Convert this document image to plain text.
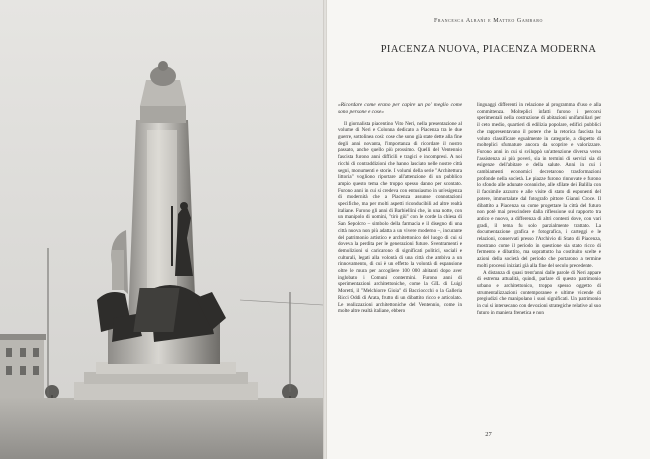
Francesca Albani e Matteo Gambaro
PIACENZA NUOVA, PIACENZA MODERNA

«Ricordare come erano per capire un po' meglio come sono persone e cose»

Il giornalista piacentino Vito Neri, nella presentazione al volume di Neri e Colonna dedicato a Piacenza tra le due guerre, sottolinea così: cose che sono già state dette alla fine degli anni novanta, l'importanza di ricordare il nostro passato, anche quello più prossimo. Quelli del Ventennio fascista furono anni difficili e tragici e incompresi. A noi ricchi di contraddizioni che hanno lasciato nelle nostre città segni, monumenti e storie. I volumi della serie "Architettura littoria" vogliono riportare all'attenzione di un pubblico ampio questo tema che troppo spesso danno per scontato. Furono anni in cui si credeva con entusiasmo in un'esigenza di modernità che a Piacenza assunse connotazioni specifiche, ma per molti aspetti riconducibili ad altre realtà italiane. Furono gli anni di Barbiellini che, in una notte, con un manipolo di uomini, "tirò giù" con le corde la chiesa di San Sepolcro – simbolo della farmacia e il disegno di una città nuova non più adatta a un vivere moderno –, incurante del patrimonio artistico e architettonico del luogo di cui si doveva la perdita per le generazioni future. Sventramenti e demolizioni si caricarono di significati politici, sociali e culturali, legati alla volontà di una città che ambiva a un rinnovamento, di cui è un effetto la volontà di espansione oltre le mura per accogliere 100 000 abitanti dopo aver inglobato i Comuni contermini. Furono anni di sperimentazioni architettoniche, come la GIL di Luigi Moretti, il "Melchiorre Gioia" di Baccioccchi o la Galleria Ricci Oddi di Arata, frutto di un dibattito ricco e articolato. Le realizzazioni architettoniche del Ventennio, come in molte altre realtà italiane, ebbero

linguaggi differenti in relazione al programma d'uso e alla committenza. Molteplici infatti furono i percorsi sperimentali nella costruzione di abitazioni unifamiliari per il ceto medio, quartieri di edilizia popolare, edifici pubblici che rappresentavano il potere che la retorica fascista ha voluto classificare egualmente in categorie, a dispetto di molteplici sfumature ancora da scoprire e valorizzare. Furono anni in cui si sviluppò un'attenzione diversa verso l'assistenza ai più poveri, sia in termini di servizi sia di esigenze dell'abitare e della salute. Anni in cui i cambiamenti economici decretarono trasformazioni profonde nella società. Le piazze furono rinnovate e furono lo sfondo alle adunate oceaniche, alle sfilate dei Balilla con il facsimile azzurro e alle visite di stato di esponenti del potere, immortalate dal fotografo pittore Gianni Croce. Il dibattito a Piacenza su come progettare la città del futuro non potè mai prescindere dalla riflessione sul rapporto tra antico e nuovo, a differenza di altri contesti dove, con vari gradi, il tema fu solo parzialmente trattato. La documentazione grafica e fotografica, i carteggi e le relazioni, conservati presso l'Archivio di Stato di Piacenza, mostrano come il periodo in questione sia stato ricco di fermento e dibattito, ma soprattutto ha costituito scelte e azioni della società del periodo che portarono a termine molti processi iniziati già alla fine del secolo precedente.

A distanza di quasi trent'anni dalle parole di Neri appare di estrema attualità, quindi, parlare di questo patrimonio urbano e architettonico, troppo spesso oggetto di strumentalizzazioni contemporanee e ultime vicende di pregiudizi che manipolano i suoi significati. Un patrimonio in cui si intersecano con devozioni strategiche relative al suo futuro in maniera frenetica e non

27
